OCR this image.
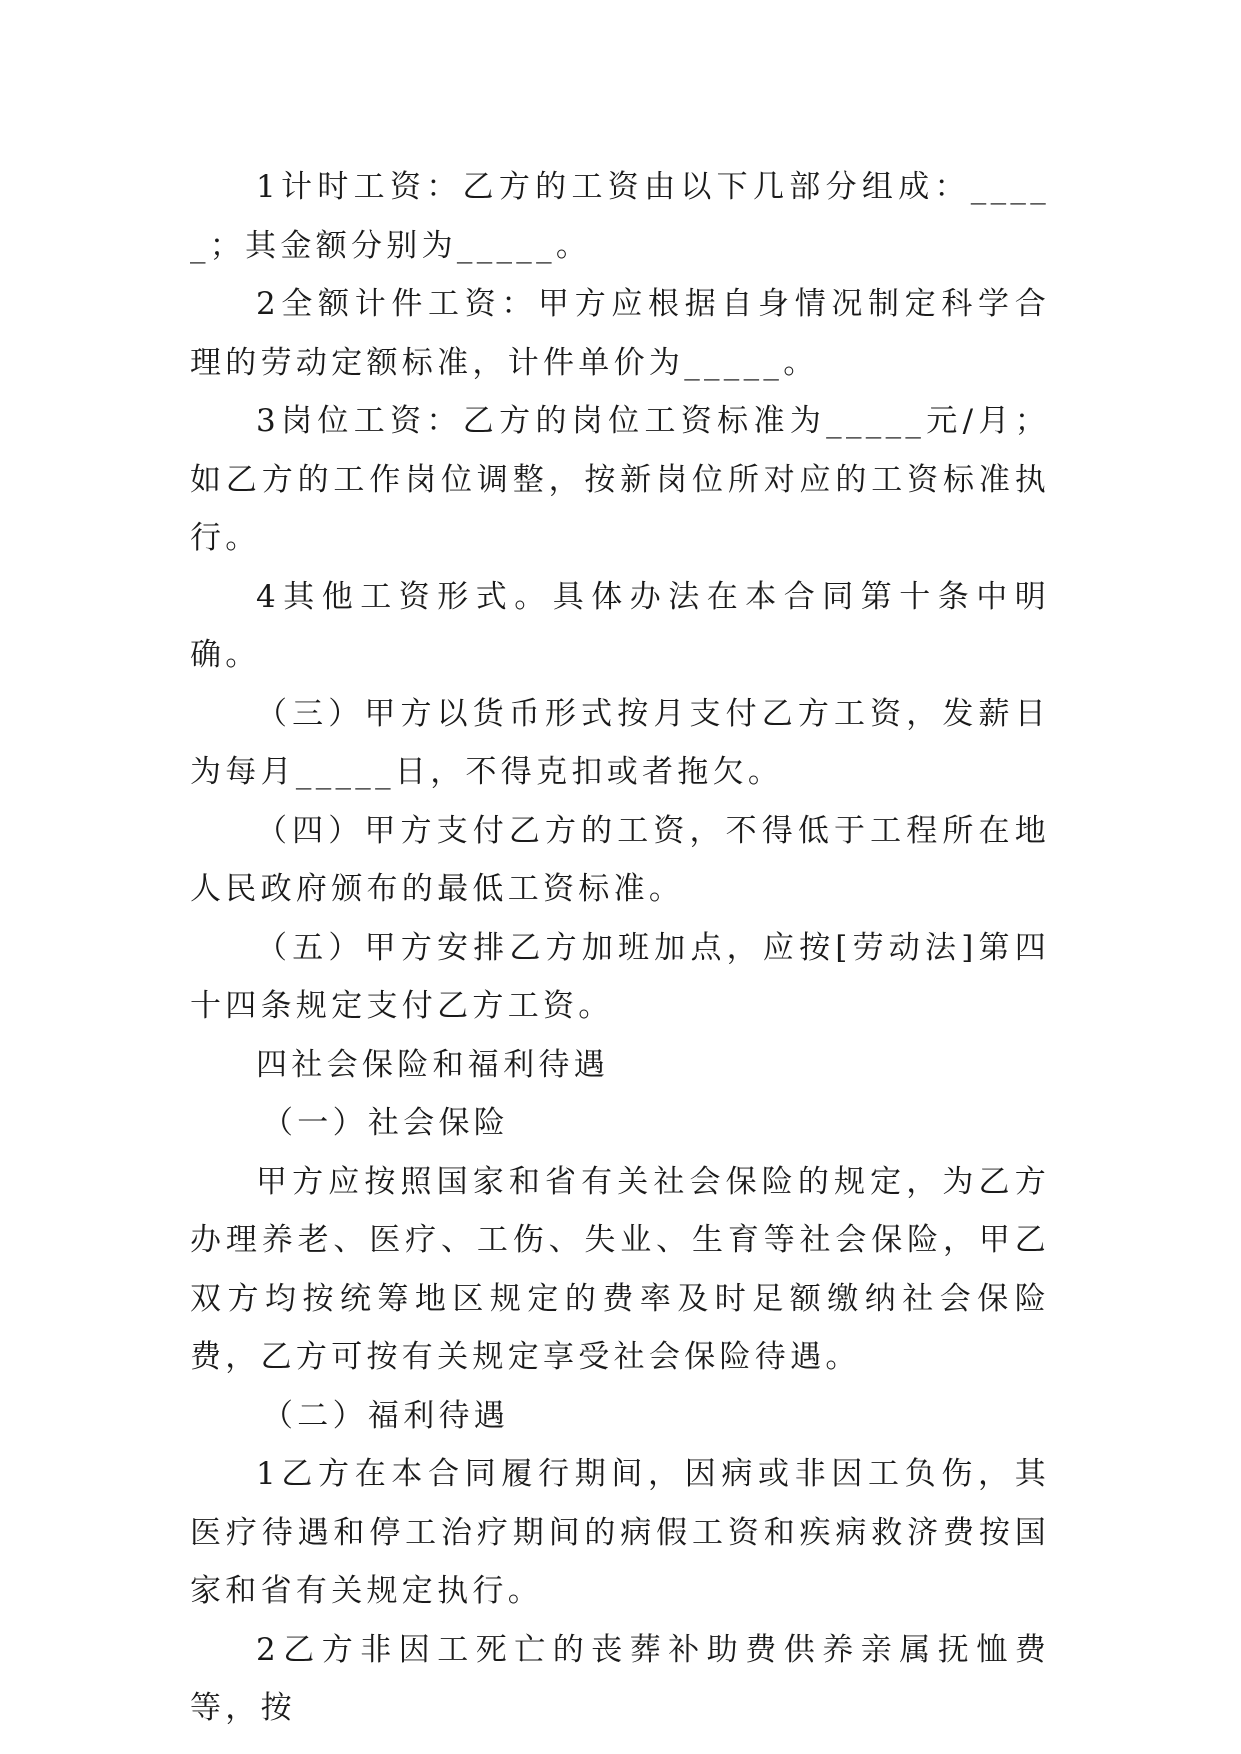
1计时工资：乙方的工资由以下几部分组成：_____；其金额分别为_____。

2全额计件工资：甲方应根据自身情况制定科学合理的劳动定额标准，计件单价为_____。

3岗位工资：乙方的岗位工资标准为_____元/月；如乙方的工作岗位调整，按新岗位所对应的工资标准执行。

4其他工资形式。具体办法在本合同第十条中明确。

（三）甲方以货币形式按月支付乙方工资，发薪日为每月_____日，不得克扣或者拖欠。

（四）甲方支付乙方的工资，不得低于工程所在地人民政府颁布的最低工资标准。

（五）甲方安排乙方加班加点，应按[劳动法]第四十四条规定支付乙方工资。

四社会保险和福利待遇

（一）社会保险

甲方应按照国家和省有关社会保险的规定，为乙方办理养老、医疗、工伤、失业、生育等社会保险，甲乙双方均按统筹地区规定的费率及时足额缴纳社会保险费，乙方可按有关规定享受社会保险待遇。

（二）福利待遇

1乙方在本合同履行期间，因病或非因工负伤，其医疗待遇和停工治疗期间的病假工资和疾病救济费按国家和省有关规定执行。

2乙方非因工死亡的丧葬补助费供养亲属抚恤费等，按
